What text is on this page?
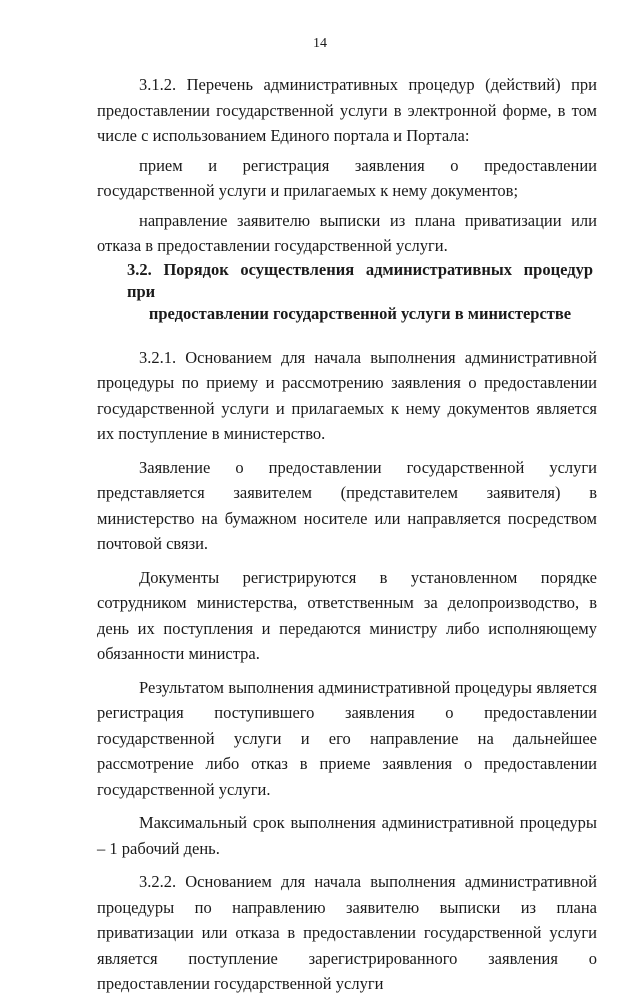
14

3.1.2. Перечень административных процедур (действий) при предоставлении государственной услуги в электронной форме, в том числе с использованием Единого портала и Портала:

прием и регистрация заявления о предоставлении государственной услуги и прилагаемых к нему документов;

направление заявителю выписки из плана приватизации или отказа в предоставлении государственной услуги.

3.2. Порядок осуществления административных процедур при
предоставлении государственной услуги в министерстве

3.2.1. Основанием для начала выполнения административной процедуры по приему и рассмотрению заявления о предоставлении государственной услуги и прилагаемых к нему документов является их поступление в министерство.

Заявление о предоставлении государственной услуги представляется заявителем (представителем заявителя) в министерство на бумажном носителе или направляется посредством почтовой связи.

Документы регистрируются в установленном порядке сотрудником министерства, ответственным за делопроизводство, в день их поступления и передаются министру либо исполняющему обязанности министра.

Результатом выполнения административной процедуры является регистрация поступившего заявления о предоставлении государственной услуги и его направление на дальнейшее рассмотрение либо отказ в приеме заявления о предоставлении государственной услуги.

Максимальный срок выполнения административной процедуры – 1 рабочий день.

3.2.2. Основанием для начала выполнения административной процедуры по направлению заявителю выписки из плана приватизации или отказа в предоставлении государственной услуги является поступление зарегистрированного заявления о предоставлении государственной услуги
